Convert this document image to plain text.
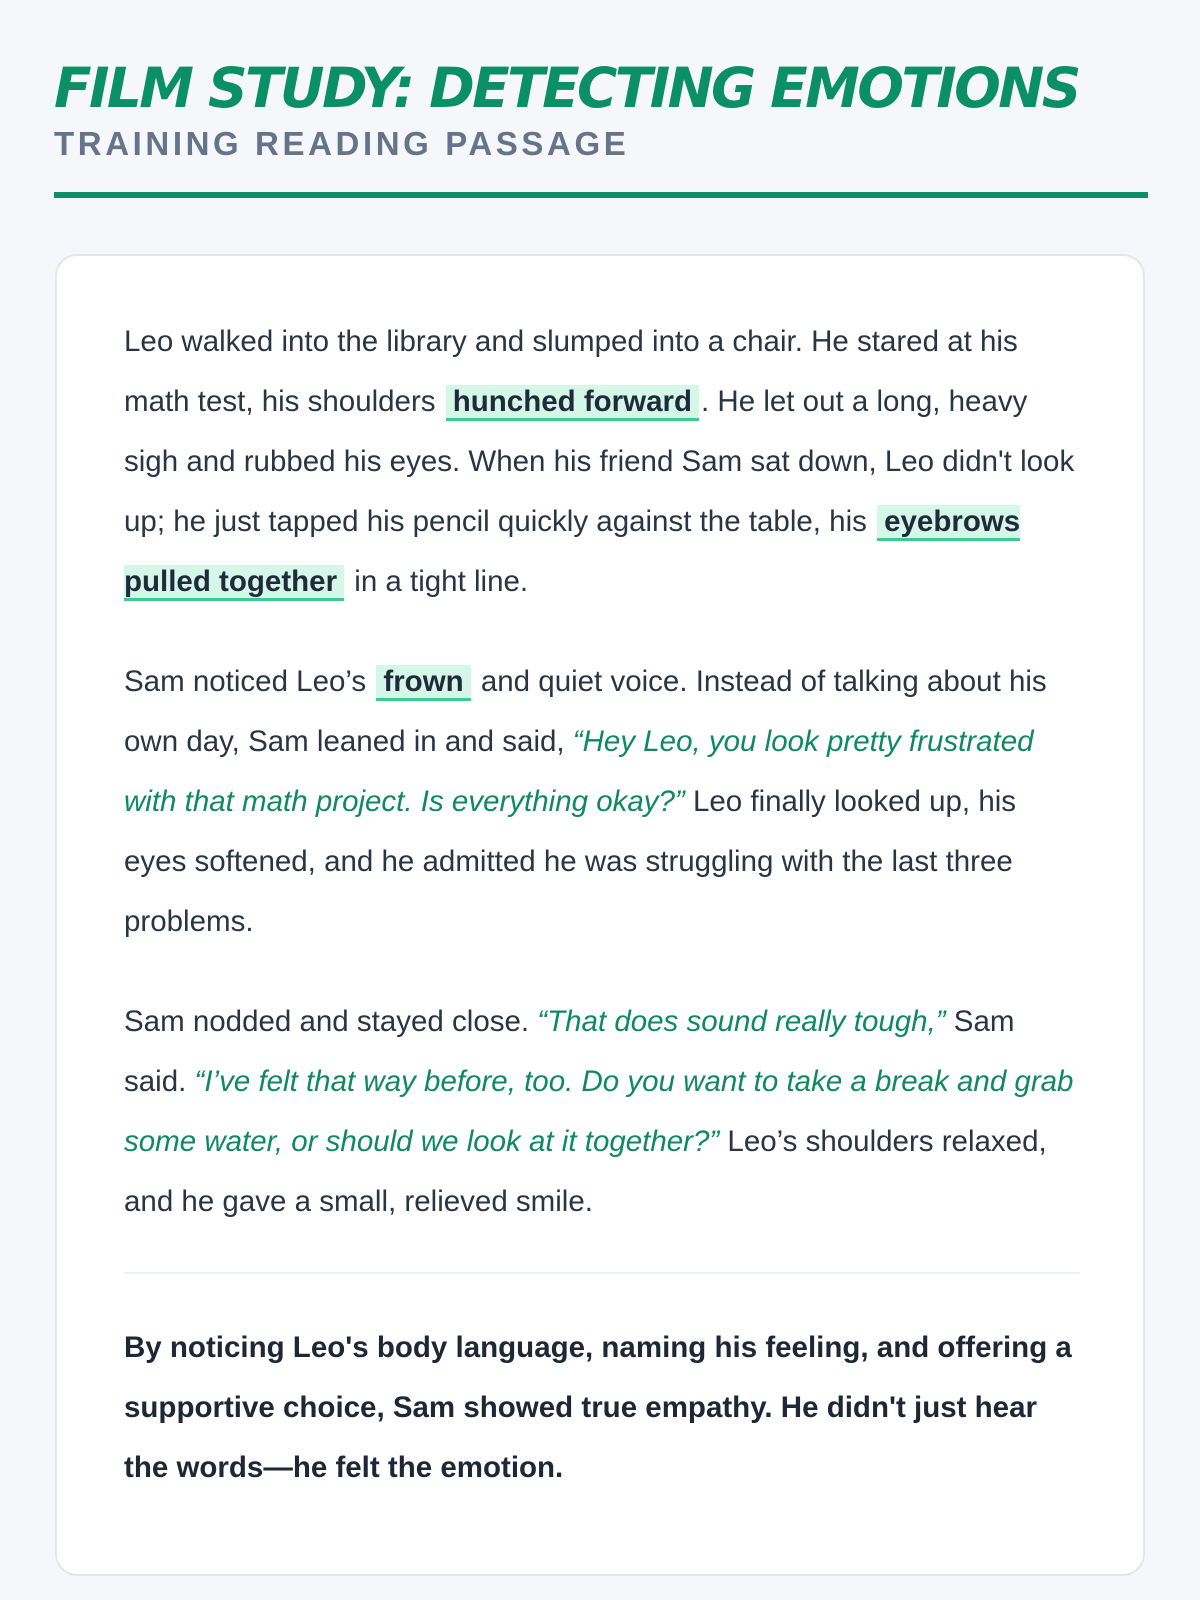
FILM STUDY: DETECTING EMOTIONS
TRAINING READING PASSAGE

Leo walked into the library and slumped into a chair. He stared at his math test, his shoulders hunched forward . He let out a long, heavy sigh and rubbed his eyes. When his friend Sam sat down, Leo didn't look up; he just tapped his pencil quickly against the table, his eyebrows pulled together in a tight line.

Sam noticed Leo’s frown and quiet voice. Instead of talking about his own day, Sam leaned in and said, “Hey Leo, you look pretty frustrated with that math project. Is everything okay?” Leo finally looked up, his eyes softened, and he admitted he was struggling with the last three problems.

Sam nodded and stayed close. “That does sound really tough,” Sam said. “I’ve felt that way before, too. Do you want to take a break and grab some water, or should we look at it together?” Leo’s shoulders relaxed, and he gave a small, relieved smile.

By noticing Leo's body language, naming his feeling, and offering a supportive choice, Sam showed true empathy. He didn't just hear the words—he felt the emotion.
